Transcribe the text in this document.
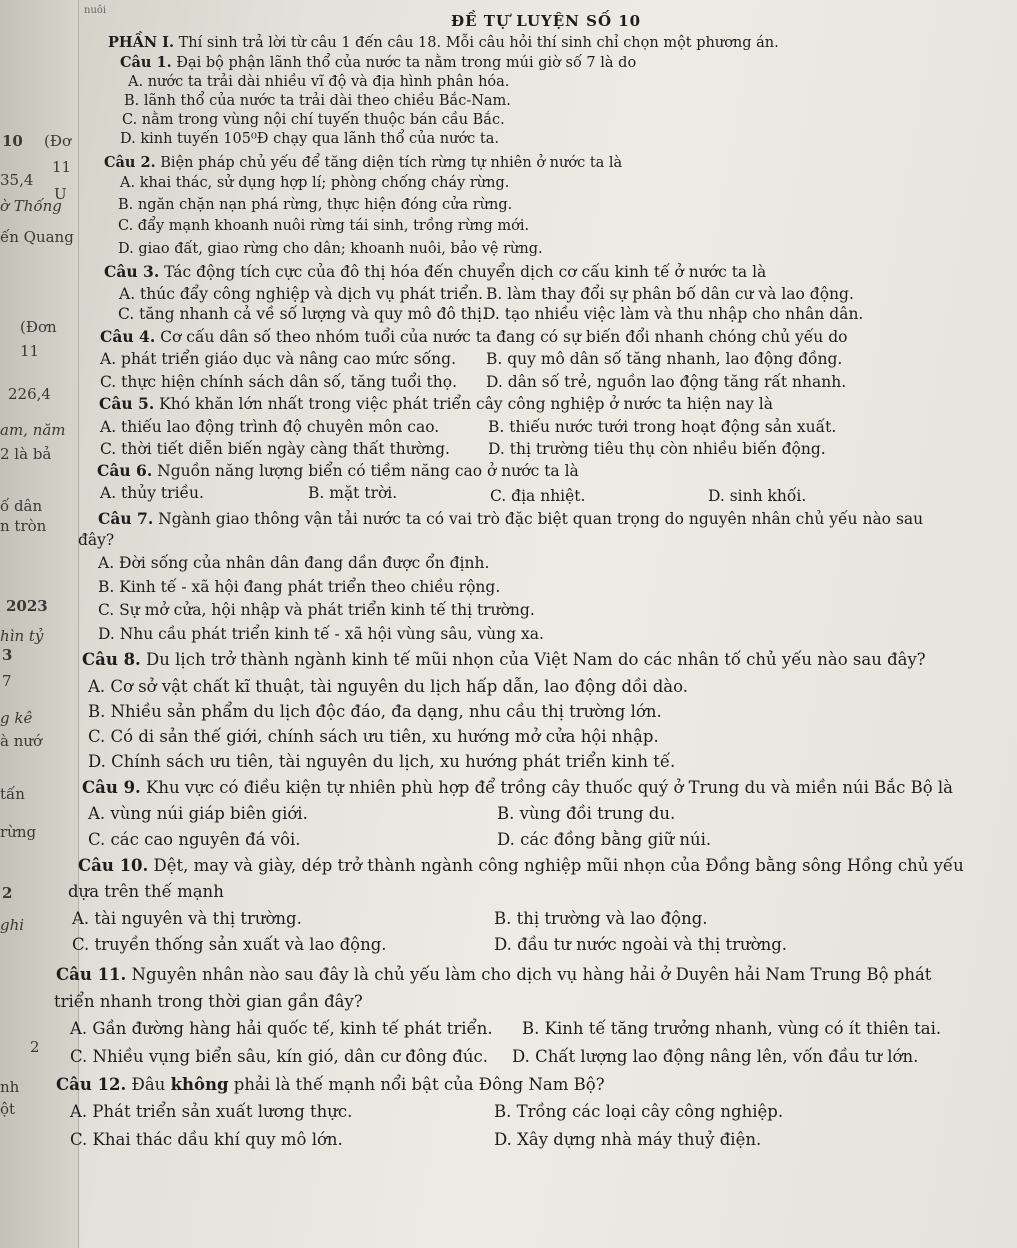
(Đơ
10
11
35,4
U
ờ Thống
ến Quang
(Đơn
11
226,4
am, năm
2 là bả
ố dân
n tròn
2023
hìn tỷ
3
7
g kê
à nướ
tấn
rừng
2
ghi
2
nh
ột
nuôi
ĐỀ TỰ LUYỆN SỐ 10
PHẦN I. Thí sinh trả lời từ câu 1 đến câu 18. Mỗi câu hỏi thí sinh chỉ chọn một phương án.
Câu 1. Đại bộ phận lãnh thổ của nước ta nằm trong múi giờ số 7 là do
A. nước ta trải dài nhiều vĩ độ và địa hình phân hóa.
B. lãnh thổ của nước ta trải dài theo chiều Bắc-Nam.
C. nằm trong vùng nội chí tuyến thuộc bán cầu Bắc.
D. kinh tuyến 105⁰Đ chạy qua lãnh thổ của nước ta.
Câu 2. Biện pháp chủ yếu để tăng diện tích rừng tự nhiên ở nước ta là
A. khai thác, sử dụng hợp lí; phòng chống cháy rừng.
B. ngăn chặn nạn phá rừng, thực hiện đóng cửa rừng.
C. đẩy mạnh khoanh nuôi rừng tái sinh, trồng rừng mới.
D. giao đất, giao rừng cho dân; khoanh nuôi, bảo vệ rừng.
Câu 3. Tác động tích cực của đô thị hóa đến chuyển dịch cơ cấu kinh tế ở nước ta là
A. thúc đẩy công nghiệp và dịch vụ phát triển. B. làm thay đổi sự phân bố dân cư và lao động.
C. tăng nhanh cả về số lượng và quy mô đô thị.
D. tạo nhiều việc làm và thu nhập cho nhân dân.
Câu 4. Cơ cấu dân số theo nhóm tuổi của nước ta đang có sự biến đổi nhanh chóng chủ yếu do
A. phát triển giáo dục và nâng cao mức sống. B. quy mô dân số tăng nhanh, lao động đồng.
C. thực hiện chính sách dân số, tăng tuổi thọ. D. dân số trẻ, nguồn lao động tăng rất nhanh.
Câu 5. Khó khăn lớn nhất trong việc phát triển cây công nghiệp ở nước ta hiện nay là
A. thiếu lao động trình độ chuyên môn cao.	B. thiếu nước tưới trong hoạt động sản xuất.
C. thời tiết diễn biến ngày càng thất thường. D. thị trường tiêu thụ còn nhiều biến động.
Câu 6. Nguồn năng lượng biển có tiềm năng cao ở nước ta là
A. thủy triều.	B. mặt trời.	C. địa nhiệt.	D. sinh khối.
Câu 7. Ngành giao thông vận tải nước ta có vai trò đặc biệt quan trọng do nguyên nhân chủ yếu nào sau
đây?
A. Đời sống của nhân dân đang dần được ổn định.
B. Kinh tế - xã hội đang phát triển theo chiều rộng.
C. Sự mở cửa, hội nhập và phát triển kinh tế thị trường.
D. Nhu cầu phát triển kinh tế - xã hội vùng sâu, vùng xa.
Câu 8. Du lịch trở thành ngành kinh tế mũi nhọn của Việt Nam do các nhân tố chủ yếu nào sau đây?
A. Cơ sở vật chất kĩ thuật, tài nguyên du lịch hấp dẫn, lao động dồi dào.
B. Nhiều sản phẩm du lịch độc đáo, đa dạng, nhu cầu thị trường lớn.
C. Có di sản thế giới, chính sách ưu tiên, xu hướng mở cửa hội nhập.
D. Chính sách ưu tiên, tài nguyên du lịch, xu hướng phát triển kinh tế.
Câu 9. Khu vực có điều kiện tự nhiên phù hợp để trồng cây thuốc quý ở Trung du và miền núi Bắc Bộ là
A. vùng núi giáp biên giới.	B. vùng đồi trung du.
C. các cao nguyên đá vôi.	D. các đồng bằng giữ núi.
Câu 10. Dệt, may và giày, dép trở thành ngành công nghiệp mũi nhọn của Đồng bằng sông Hồng chủ yếu
dựa trên thế mạnh
A. tài nguyên và thị trường.	B. thị trường và lao động.
C. truyền thống sản xuất và lao động.	D. đầu tư nước ngoài và thị trường.
Câu 11. Nguyên nhân nào sau đây là chủ yếu làm cho dịch vụ hàng hải ở Duyên hải Nam Trung Bộ phát
triển nhanh trong thời gian gần đây?
A. Gần đường hàng hải quốc tế, kinh tế phát triển. B. Kinh tế tăng trưởng nhanh, vùng có ít thiên tai.
C. Nhiều vụng biển sâu, kín gió, dân cư đông đúc. D. Chất lượng lao động nâng lên, vốn đầu tư lớn.
Câu 12. Đâu không phải là thế mạnh nổi bật của Đông Nam Bộ?
A. Phát triển sản xuất lương thực.	B. Trồng các loại cây công nghiệp.
C. Khai thác dầu khí quy mô lớn.	D. Xây dựng nhà máy thuỷ điện.
